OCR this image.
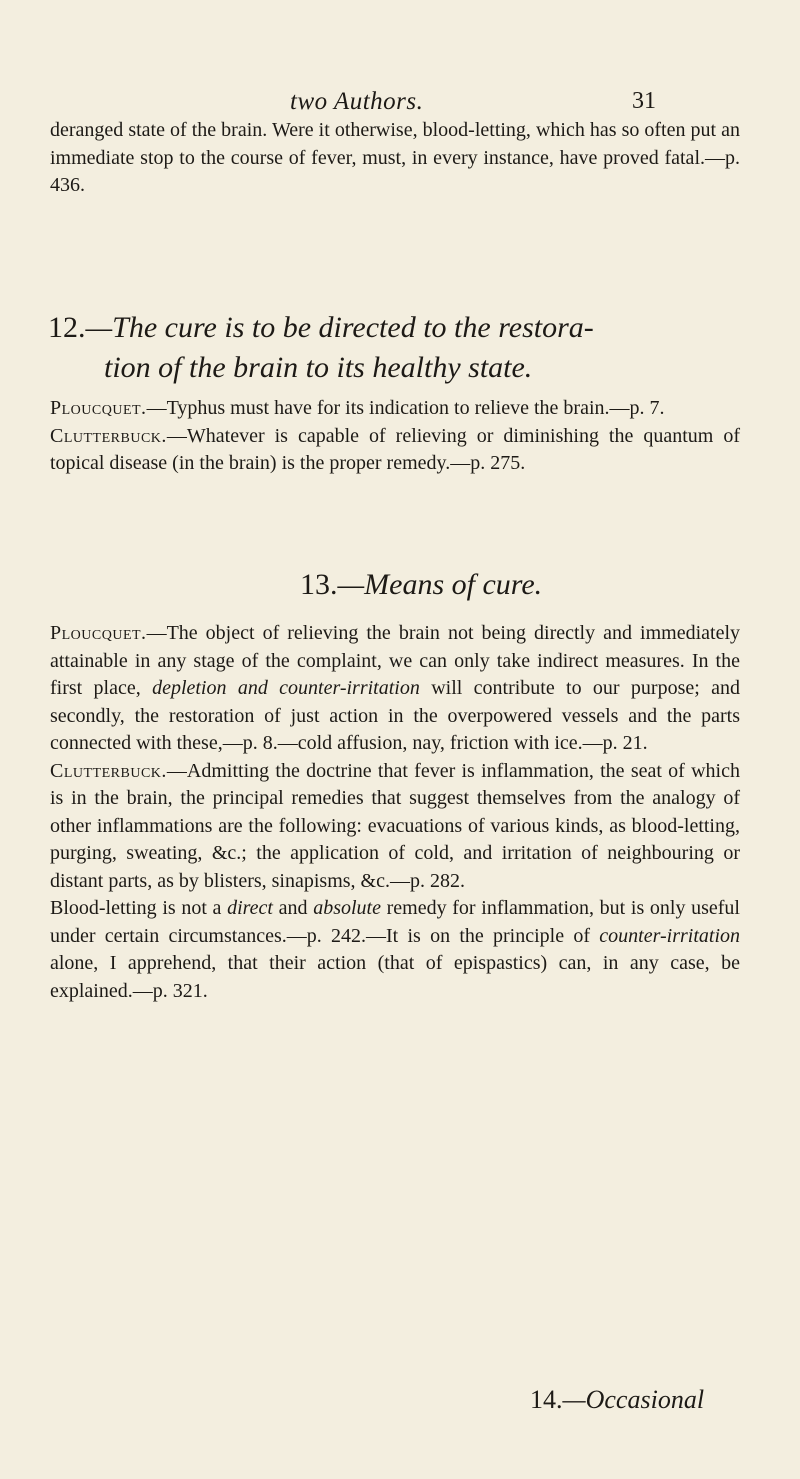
two Authors.	31

deranged state of the brain. Were it otherwise, blood-letting, which has so often put an immediate stop to the course of fever, must, in every instance, have proved fatal.—p. 436.

12.—The cure is to be directed to the restora-
tion of the brain to its healthy state.

Ploucquet.—Typhus must have for its indication to relieve the brain.—p. 7.

Clutterbuck.—Whatever is capable of relieving or diminishing the quantum of topical disease (in the brain) is the proper remedy.—p. 275.

13.—Means of cure.

Ploucquet.—The object of relieving the brain not being directly and immediately attainable in any stage of the complaint, we can only take indirect measures. In the first place, depletion and counter-irritation will contribute to our purpose; and secondly, the restoration of just action in the overpowered vessels and the parts connected with these,—p. 8.—cold affusion, nay, friction with ice.—p. 21.

Clutterbuck.—Admitting the doctrine that fever is inflammation, the seat of which is in the brain, the principal remedies that suggest themselves from the analogy of other inflammations are the following: evacuations of various kinds, as blood-letting, purging, sweating, &c.; the application of cold, and irritation of neighbouring or distant parts, as by blisters, sinapisms, &c.—p. 282.

Blood-letting is not a direct and absolute remedy for inflammation, but is only useful under certain circumstances.—p. 242.—It is on the principle of counter-irritation alone, I apprehend, that their action (that of epispastics) can, in any case, be explained.—p. 321.

14.—Occasional
